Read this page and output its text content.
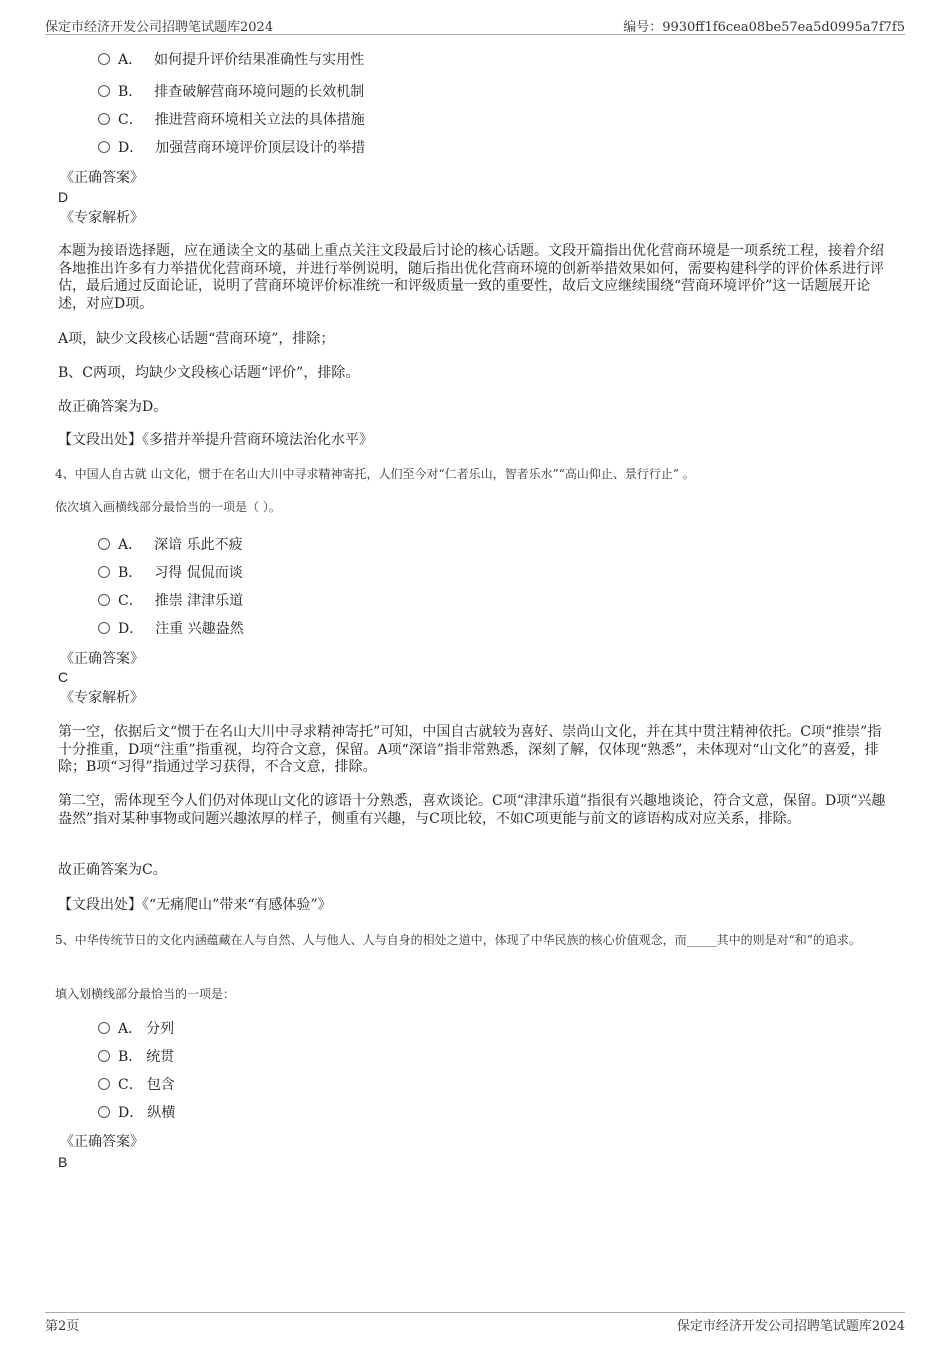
保定市经济开发公司招聘笔试题库2024	编号：9930ff1f6cea08be57ea5d0995a7f7f5
A． 如何提升评价结果准确性与实用性
B． 排查破解营商环境问题的长效机制
C． 推进营商环境相关立法的具体措施
D． 加强营商环境评价顶层设计的举措
《正确答案》
D
《专家解析》
本题为接语选择题，应在通读全文的基础上重点关注文段最后讨论的核心话题。文段开篇指出优化营商环境是一项系统工程，接着介绍各地推出许多有力举措优化营商环境，并进行举例说明，随后指出优化营商环境的创新举措效果如何，需要构建科学的评价体系进行评估，最后通过反面论证，说明了营商环境评价标准统一和评级质量一致的重要性，故后文应继续围绕“营商环境评价”这一话题展开论述，对应D项。
A项，缺少文段核心话题“营商环境”，排除；
B、C两项，均缺少文段核心话题“评价”，排除。
故正确答案为D。
【文段出处】《多措并举提升营商环境法治化水平》
4、中国人自古就 山文化，惯于在名山大川中寻求精神寄托，人们至今对“仁者乐山，智者乐水”“高山仰止、景行行止” 。
依次填入画横线部分最恰当的一项是（ ）。
A． 深谙 乐此不疲
B． 习得 侃侃而谈
C． 推崇 津津乐道
D． 注重 兴趣盎然
《正确答案》
C
《专家解析》
第一空，依据后文“惯于在名山大川中寻求精神寄托”可知，中国自古就较为喜好、崇尚山文化，并在其中贯注精神依托。C项“推崇”指十分推重，D项“注重”指重视，均符合文意，保留。A项“深谙”指非常熟悉，深刻了解，仅体现“熟悉”，未体现对“山文化”的喜爱，排除；B项“习得”指通过学习获得，不合文意，排除。
第二空，需体现至今人们仍对体现山文化的谚语十分熟悉，喜欢谈论。C项“津津乐道”指很有兴趣地谈论，符合文意，保留。D项“兴趣盎然”指对某种事物或问题兴趣浓厚的样子，侧重有兴趣，与C项比较，不如C项更能与前文的谚语构成对应关系，排除。
故正确答案为C。
【文段出处】《“无痛爬山”带来“有感体验”》
5、中华传统节日的文化内涵蕴藏在人与自然、人与他人、人与自身的相处之道中，体现了中华民族的核心价值观念，而_____其中的则是对“和”的追求。
填入划横线部分最恰当的一项是：
A． 分列
B． 统贯
C． 包含
D． 纵横
《正确答案》
B
第2页	保定市经济开发公司招聘笔试题库2024
